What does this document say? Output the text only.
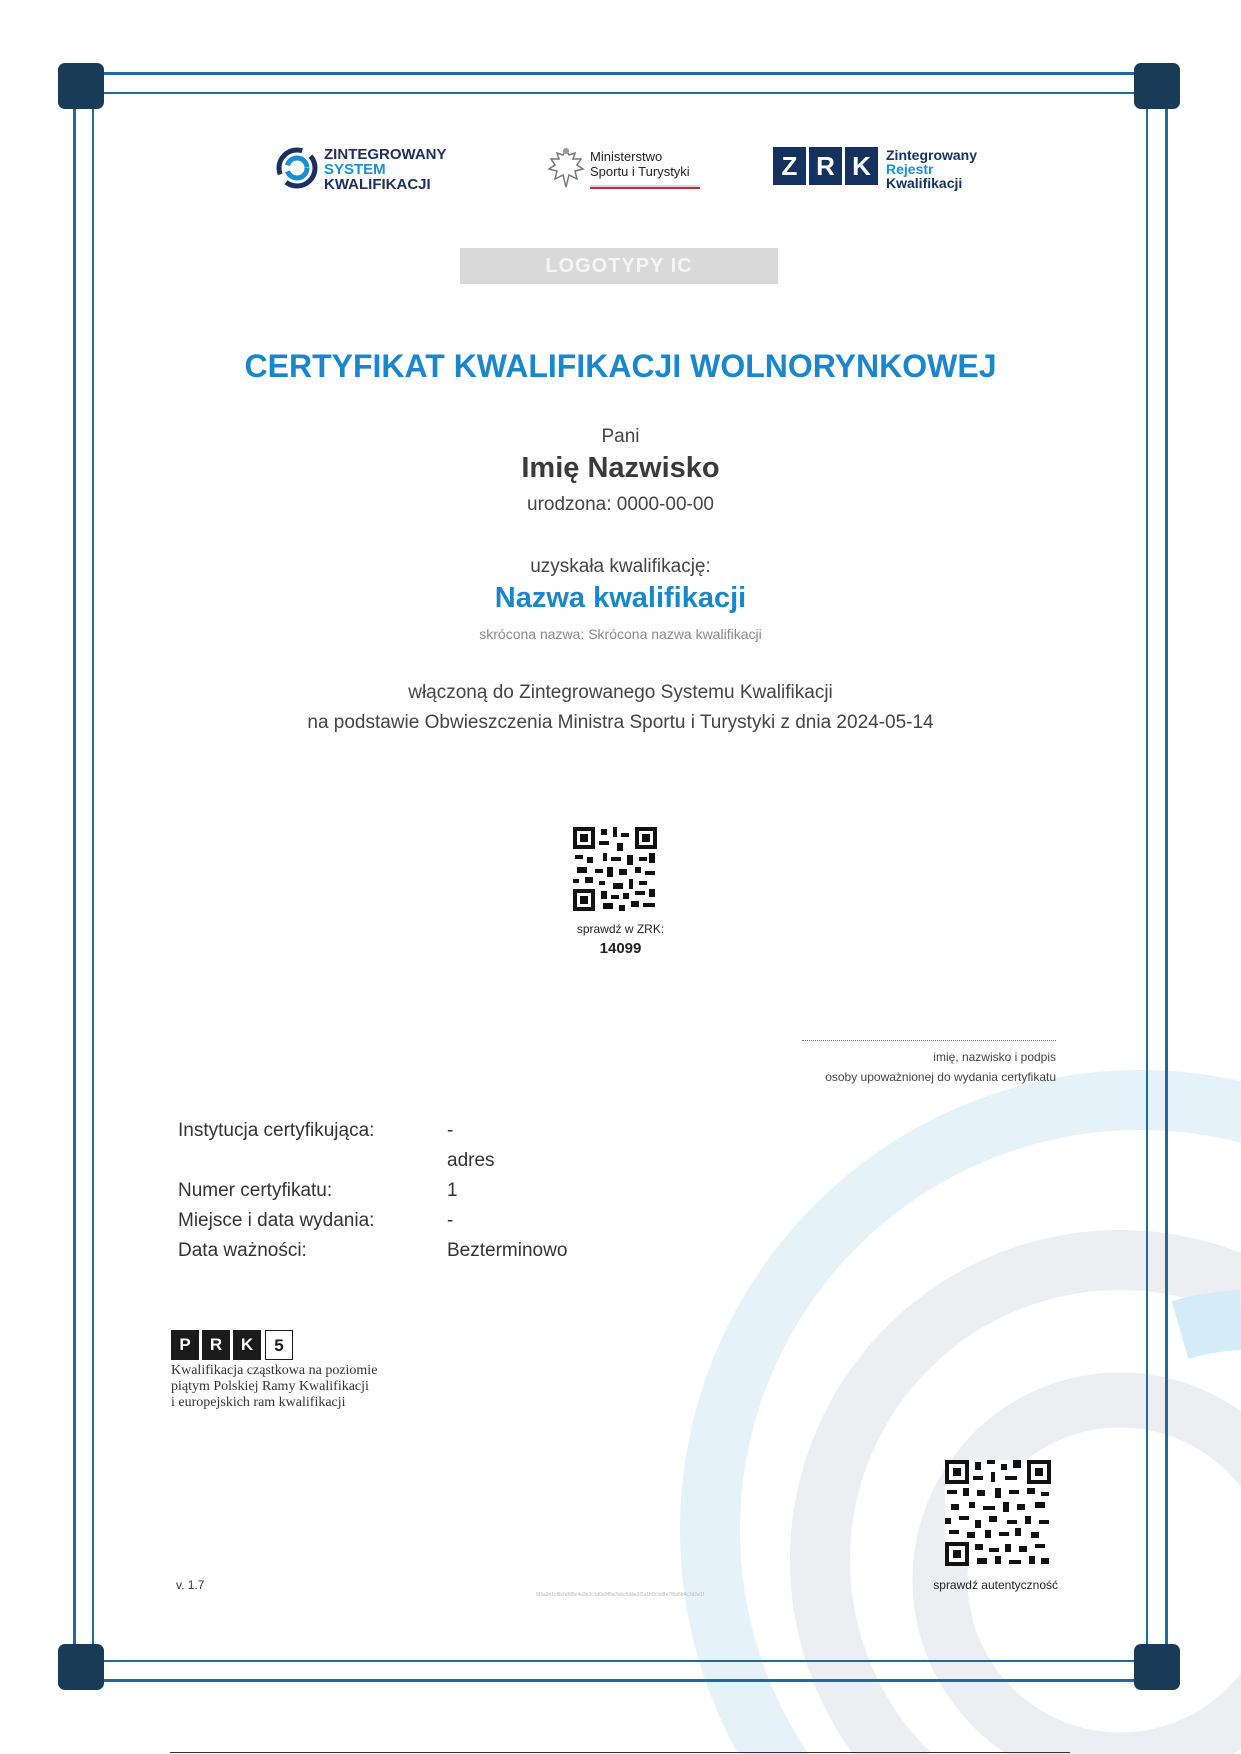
ZINTEGROWANY
SYSTEM
KWALIFIKACJI
Ministerstwo
Sportu i Turystyki	Z R K	Zintegrowany
Rejestr
Kwalifikacji
LOGOTYPY IC
CERTYFIKAT KWALIFIKACJI WOLNORYNKOWEJ
Pani
Imię Nazwisko
urodzona: 0000-00-00
uzyskała kwalifikację:
Nazwa kwalifikacji
skrócona nazwa: Skrócona nazwa kwalifikacji
włączoną do Zintegrowanego Systemu Kwalifikacji
na podstawie Obwieszczenia Ministra Sportu i Turystyki z dnia 2024-05-14
sprawdź w ZRK:
14099
imię, nazwisko i podpis
osoby upoważnionej do wydania certyfikatu
Instytucja certyfikująca:	-
adres
Numer certyfikatu:	1
Miejsce i data wydania:	-
Data ważności:	Bezterminowo
P	R	K	5
Kwalifikacja cząstkowa na poziomie
piątym Polskiej Ramy Kwalifikacji
i europejskich ram kwalifikacji
v. 1.7
9f3a2e1c8b7d6f5e4a3b2c1d0e9f8a7b6c5d4e3f2a1b0c9d8e7f6a5b4c3d2e1f
sprawdź autentyczność
